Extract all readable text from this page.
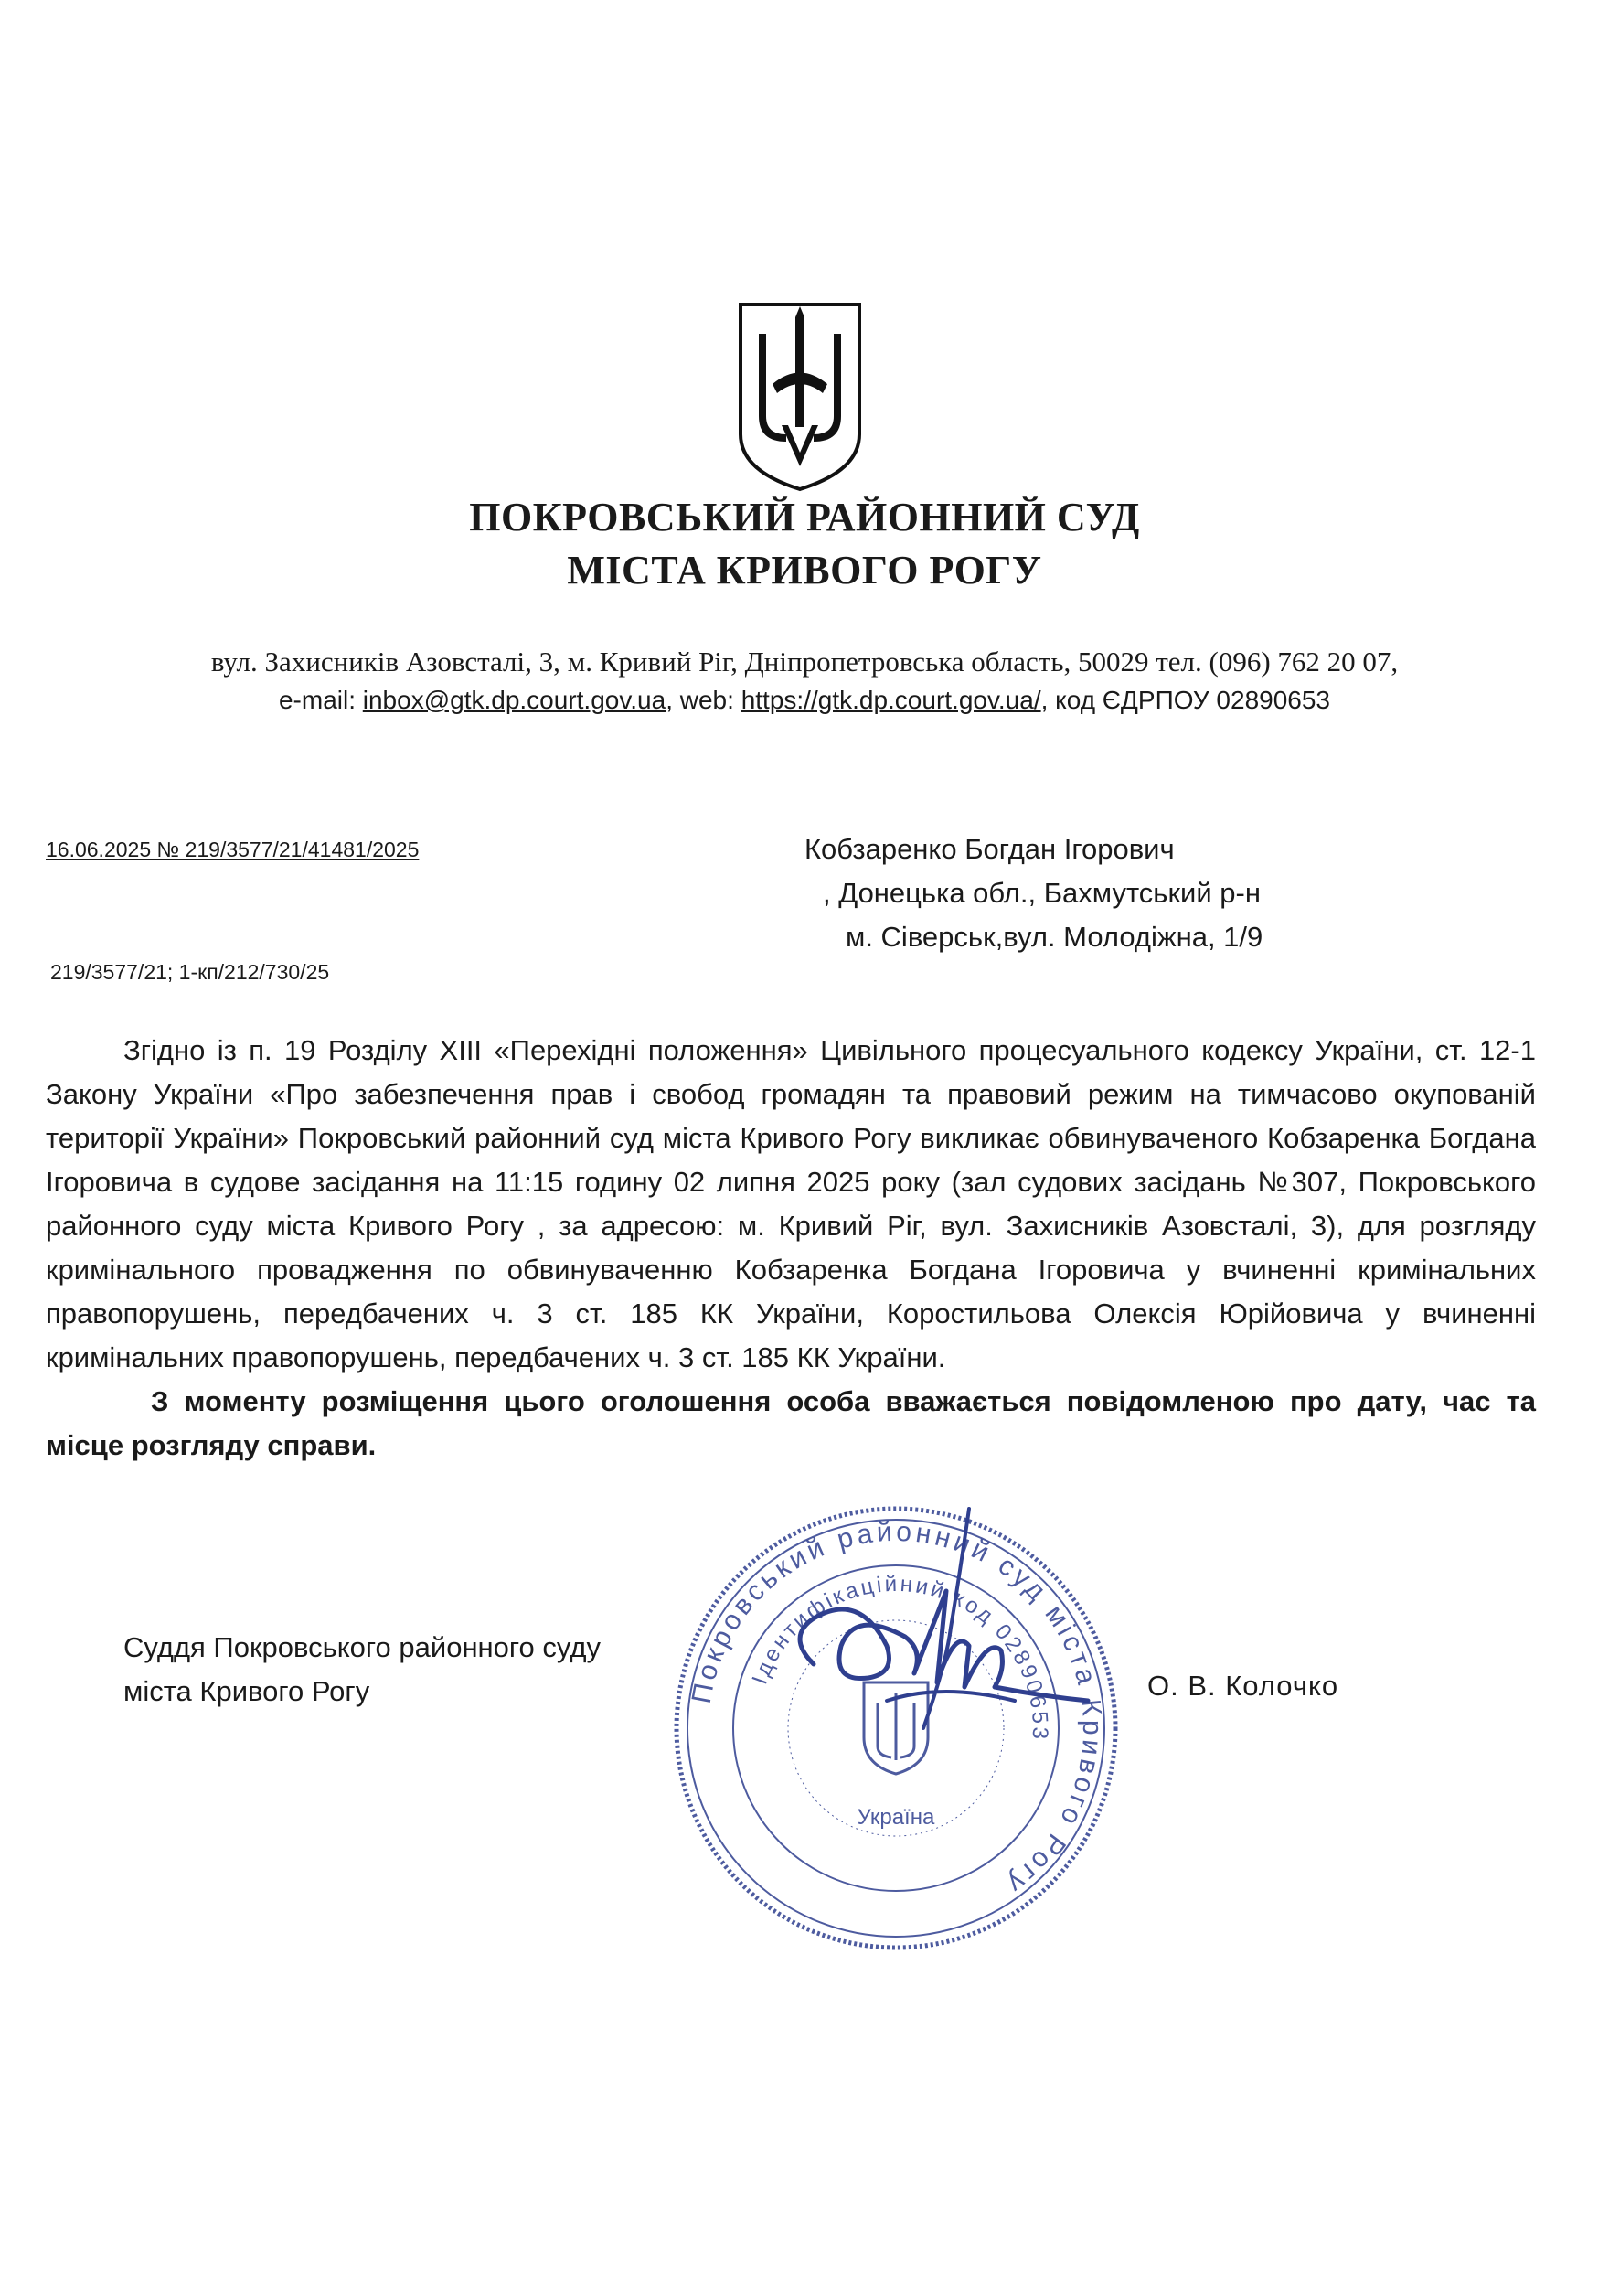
ПОКРОВСЬКИЙ РАЙОННИЙ СУД
МІСТА КРИВОГО РОГУ
вул. Захисників Азовсталі, 3, м. Кривий Ріг, Дніпропетровська область, 50029 тел. (096) 762 20 07,
e-mail: inbox@gtk.dp.court.gov.ua, web: https://gtk.dp.court.gov.ua/, код ЄДРПОУ 02890653
16.06.2025 № 219/3577/21/41481/2025
219/3577/21; 1-кп/212/730/25
Кобзаренко Богдан Ігорович
, Донецька обл., Бахмутський р-н
м. Сіверськ,вул. Молодіжна, 1/9

Згідно із п. 19 Розділу XIII «Перехідні положення» Цивільного процесуального кодексу України, ст. 12-1 Закону України «Про забезпечення прав і свобод громадян та правовий режим на тимчасово окупованій території України» Покровський районний суд міста Кривого Рогу викликає обвинуваченого Кобзаренка Богдана Ігоровича в судове засідання на 11:15 годину 02 липня 2025 року (зал судових засідань №307, Покровського районного суду міста Кривого Рогу , за адресою: м. Кривий Ріг, вул. Захисників Азовсталі, 3), для розгляду кримінального провадження по обвинуваченню Кобзаренка Богдана Ігоровича у вчиненні кримінальних правопорушень, передбачених ч. 3 ст. 185 КК України, Коростильова Олексія Юрійовича у вчиненні кримінальних правопорушень, передбачених ч. 3 ст. 185 КК України.

З моменту розміщення цього оголошення особа вважається повідомленою про дату, час та місце розгляду справи.

Покровський районний суд міста Кривого Рогу
Ідентифікаційний код 02890653
Україна
Суддя Покровського районного суду
міста Кривого Рогу	О. В. Колочко
